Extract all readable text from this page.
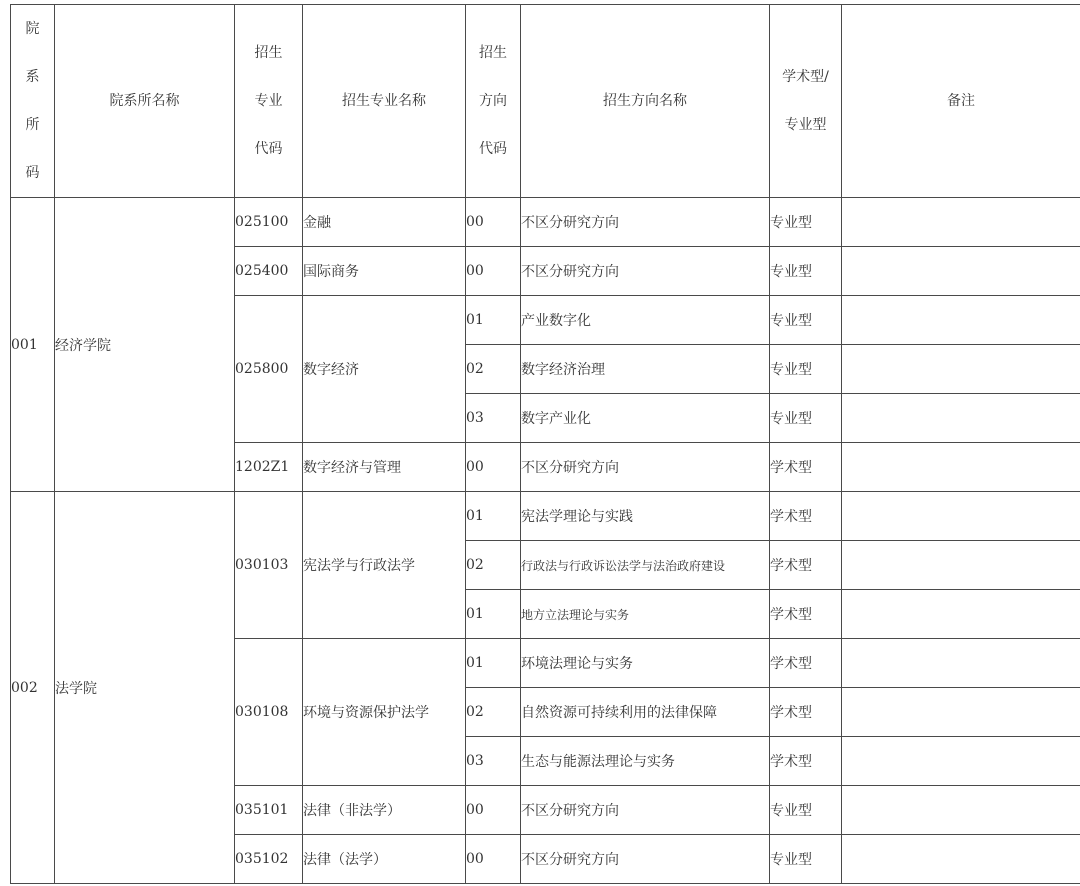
院系所码	院系所名称	招生专业代码	招生专业名称	招生方向代码	招生方向名称	学术型/专业型	备注
001	经济学院	025100	金融	00	不区分研究方向	专业型	
		025400	国际商务	00	不区分研究方向	专业型	
		025800	数字经济	01	产业数字化	专业型	
				02	数字经济治理	专业型	
				03	数字产业化	专业型	
		1202Z1	数字经济与管理	00	不区分研究方向	学术型	
002	法学院	030103	宪法学与行政法学	01	宪法学理论与实践	学术型	
				02	行政法与行政诉讼法学与法治政府建设	学术型	
				01	地方立法理论与实务	学术型	
		030108	环境与资源保护法学	01	环境法理论与实务	学术型	
				02	自然资源可持续利用的法律保障	学术型	
				03	生态与能源法理论与实务	学术型	
		035101	法律（非法学）	00	不区分研究方向	专业型	
		035102	法律（法学）	00	不区分研究方向	专业型	
